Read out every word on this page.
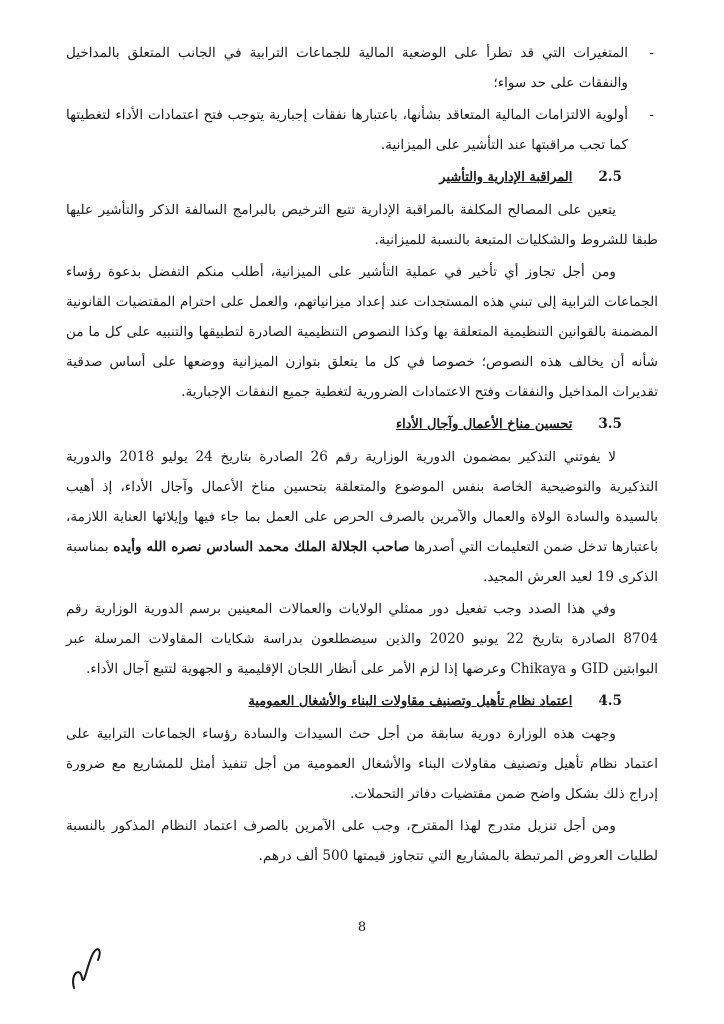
-
المتغيرات التي قد تطرأ على الوضعية المالية للجماعات الترابية في الجانب المتعلق بالمداخيل والنفقات على حد سواء؛
-
أولوية الالتزامات المالية المتعاقد بشأنها، باعتبارها نفقات إجبارية يتوجب فتح اعتمادات الأداء لتغطيتها كما تجب مراقبتها عند التأشير على الميزانية.
2.5
المراقبة الإدارية والتأشير

يتعين على المصالح المكلفة بالمراقبة الإدارية تتبع الترخيص بالبرامج السالفة الذكر والتأشير عليها طبقا للشروط والشكليات المتبعة بالنسبة للميزانية.

ومن أجل تجاوز أي تأخير في عملية التأشير على الميزانية، أطلب منكم التفضل بدعوة رؤساء الجماعات الترابية إلى تبني هذه المستجدات عند إعداد ميزانياتهم، والعمل على احترام المقتضيات القانونية المضمنة بالقوانين التنظيمية المتعلقة بها وكذا النصوص التنظيمية الصادرة لتطبيقها والتنبيه على كل ما من شأنه أن يخالف هذه النصوص؛ خصوصا في كل ما يتعلق بتوازن الميزانية ووضعها على أساس صدقية تقديرات المداخيل والنفقات وفتح الاعتمادات الضرورية لتغطية جميع النفقات الإجبارية.

3.5
تحسين مناخ الأعمال وآجال الأداء

لا يفوتني التذكير بمضمون الدورية الوزارية رقم 26 الصادرة بتاريخ 24 يوليو 2018 والدورية التذكيرية والتوضيحية الخاصة بنفس الموضوع والمتعلقة بتحسين مناخ الأعمال وآجال الأداء، إذ أهيب بالسيدة والسادة الولاة والعمال والآمرين بالصرف الحرص على العمل بما جاء فيها وإيلائها العناية اللازمة، باعتبارها تدخل ضمن التعليمات التي أصدرها صاحب الجلالة الملك محمد السادس نصره الله وأيده بمناسبة الذكرى 19 لعيد العرش المجيد.

وفي هذا الصدد وجب تفعيل دور ممثلي الولايات والعمالات المعينين برسم الدورية الوزارية رقم 8704 الصادرة بتاريخ 22 يونيو 2020 والذين سيضطلعون بدراسة شكايات المقاولات المرسلة عبر البوابتين GID و Chikaya وعرضها إذا لزم الأمر على أنظار اللجان الإقليمية و الجهوية لتتبع آجال الأداء.

4.5
اعتماد نظام تأهيل وتصنيف مقاولات البناء والأشغال العمومية

وجهت هذه الوزارة دورية سابقة من أجل حث السيدات والسادة رؤساء الجماعات الترابية على اعتماد نظام تأهيل وتصنيف مقاولات البناء والأشغال العمومية من أجل تنفيذ أمثل للمشاريع مع ضرورة إدراج ذلك بشكل واضح ضمن مقتضيات دفاتر التحملات.

ومن أجل تنزيل متدرج لهذا المقترح، وجب على الآمرين بالصرف اعتماد النظام المذكور بالنسبة لطلبات العروض المرتبطة بالمشاريع التي تتجاوز قيمتها 500 ألف درهم.

8
